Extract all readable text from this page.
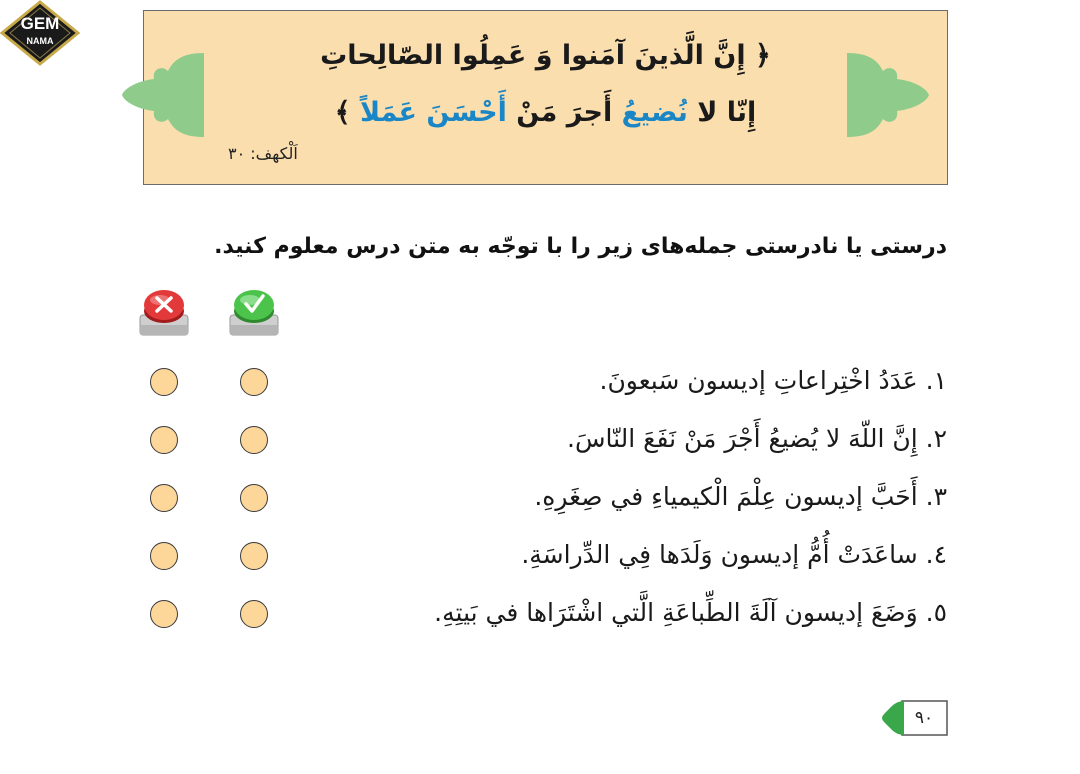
GEM
NAMA	﴿ إِنَّ الَّذينَ آمَنوا وَ عَمِلُوا الصّالِحاتِ
إِنّا لا نُضيعُ أَجرَ مَنْ أَحْسَنَ عَمَلاً ﴾
اَلْکهف: ۳۰
درستی یا نادرستی جمله‌های زیر را با توجّه به متن درس معلوم کنید.
١. عَدَدُ اخْتِراعاتِ إديسون سَبعونَ.
٢. إِنَّ اللّهَ لا يُضيعُ أَجْرَ مَنْ نَفَعَ النّاسَ.
٣. أَحَبَّ إديسون عِلْمَ الْكيمياءِ في صِغَرِهِ.
٤. ساعَدَتْ أُمُّ إديسون وَلَدَها فِي الدِّراسَةِ.
٥. وَضَعَ إديسون آلَةَ الطِّباعَةِ الَّتي اشْتَرَاها في بَيتِهِ.
۹۰
